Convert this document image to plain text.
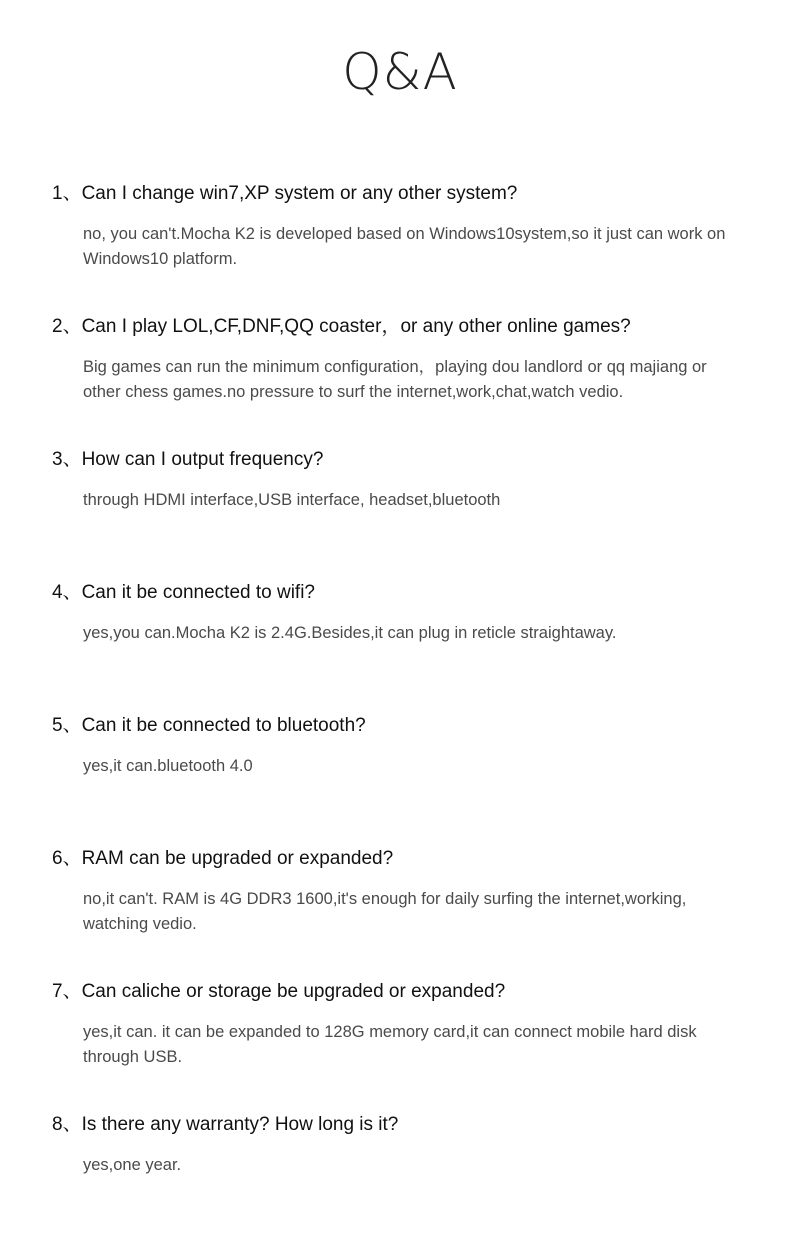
Q&A
1、Can I change win7,XP system or any other system?
no, you can't.Mocha K2 is developed based on Windows10system,so it just can work on Windows10 platform.
2、Can I play LOL,CF,DNF,QQ coaster，or any other online games?
Big games can run the minimum configuration，playing dou landlord or qq majiang or other chess games.no pressure to surf the internet,work,chat,watch vedio.
3、How can I output frequency?
through HDMI interface,USB interface, headset,bluetooth
4、Can it be connected to wifi?
yes,you can.Mocha K2 is 2.4G.Besides,it can plug in reticle straightaway.
5、Can it be connected to bluetooth?
yes,it can.bluetooth 4.0
6、RAM can be upgraded or expanded?
no,it can't. RAM is 4G DDR3 1600,it's enough for daily surfing the internet,working, watching vedio.
7、Can caliche or storage be upgraded or expanded?
yes,it can. it can be expanded to 128G memory card,it can connect mobile hard disk through USB.
8、Is there any warranty? How long is it?
yes,one year.
